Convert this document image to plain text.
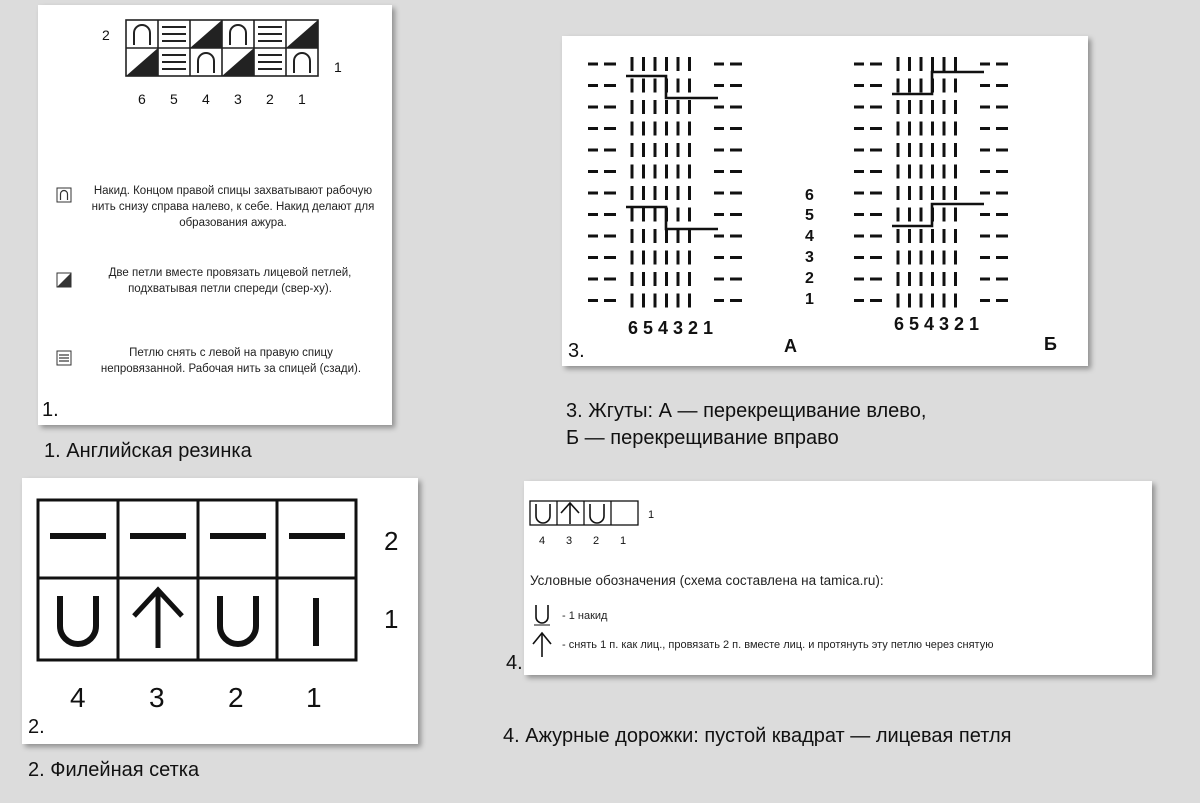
2
1
6 5 4 3 2 1
Накид. Концом правой спицы захватывают рабочую нить снизу справа налево, к себе. Накид делают для образования ажура.
Две петли вместе провязать лицевой петлей, подхватывая петли спереди (свер-ху).
Петлю снять с левой на правую спицу непровязанной. Рабочая нить за спицей (сзади).
1.
1. Английская резинка
2
1
4 3 2 1
2.
2. Филейная сетка
6
5
4
3
2
1
654321	654321
А	Б
3.
3. Жгуты: А — перекрещивание влево,
Б — перекрещивание вправо
1
4 3 2 1
Условные обозначения (схема составлена на tamica.ru):
- 1 накид
- снять 1 п. как лиц., провязать 2 п. вместе лиц. и протянуть эту петлю через снятую
4.
4. Ажурные дорожки: пустой квадрат — лицевая петля
